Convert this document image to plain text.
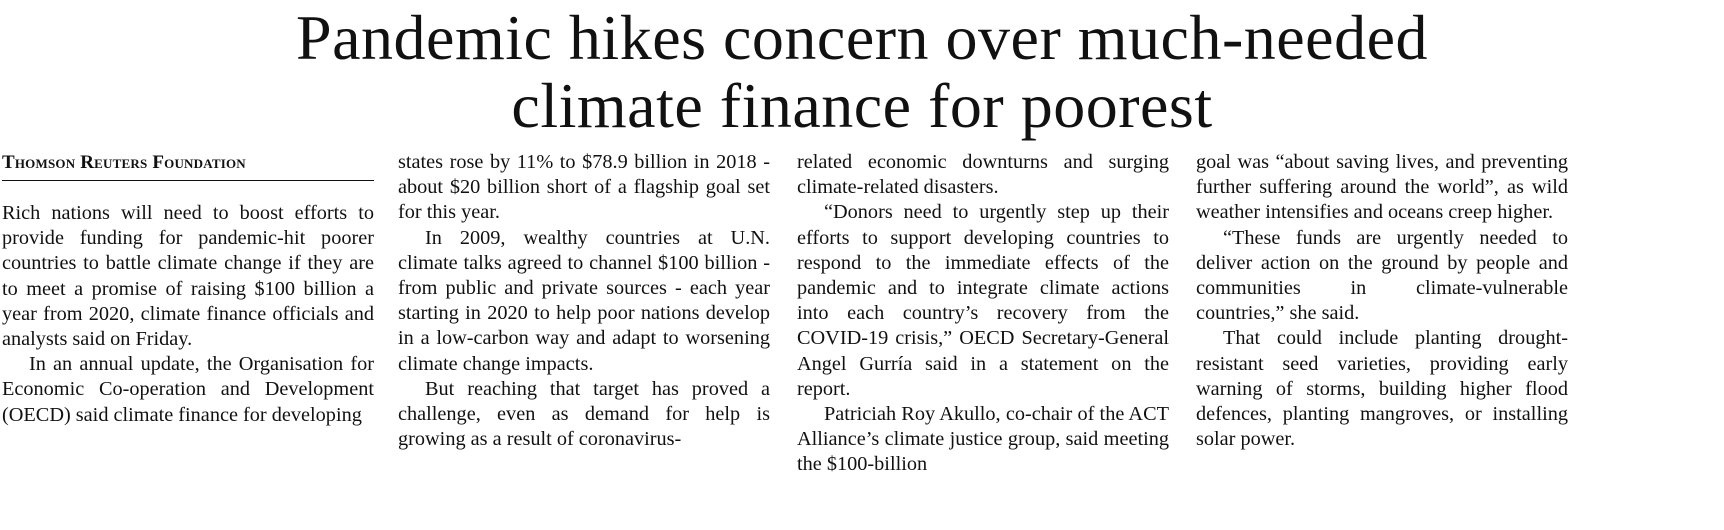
Pandemic hikes concern over much-needed
climate finance for poorest
Thomson Reuters Foundation

Rich nations will need to boost efforts to provide funding for pandemic-hit poorer countries to battle climate change if they are to meet a promise of raising $100 billion a year from 2020, climate finance officials and analysts said on Friday.

In an annual update, the Organisation for Economic Co-operation and Development (OECD) said climate finance for developing

states rose by 11% to $78.9 billion in 2018 - about $20 billion short of a flagship goal set for this year.

In 2009, wealthy countries at U.N. climate talks agreed to channel $100 billion - from public and private sources - each year starting in 2020 to help poor nations develop in a low-carbon way and adapt to worsening climate change impacts.

But reaching that target has proved a challenge, even as demand for help is growing as a result of coronavirus-

related economic downturns and surging climate-related disasters.

“Donors need to urgently step up their efforts to support developing countries to respond to the immediate effects of the pandemic and to integrate climate actions into each country’s recovery from the COVID-19 crisis,” OECD Secretary-General Angel Gurría said in a statement on the report.

Patriciah Roy Akullo, co-chair of the ACT Alliance’s climate justice group, said meeting the $100-billion

goal was “about saving lives, and preventing further suffering around the world”, as wild weather intensifies and oceans creep higher.

“These funds are urgently needed to deliver action on the ground by people and communities in climate-vulnerable countries,” she said.

That could include planting drought-resistant seed varieties, providing early warning of storms, building higher flood defences, planting mangroves, or installing solar power.
